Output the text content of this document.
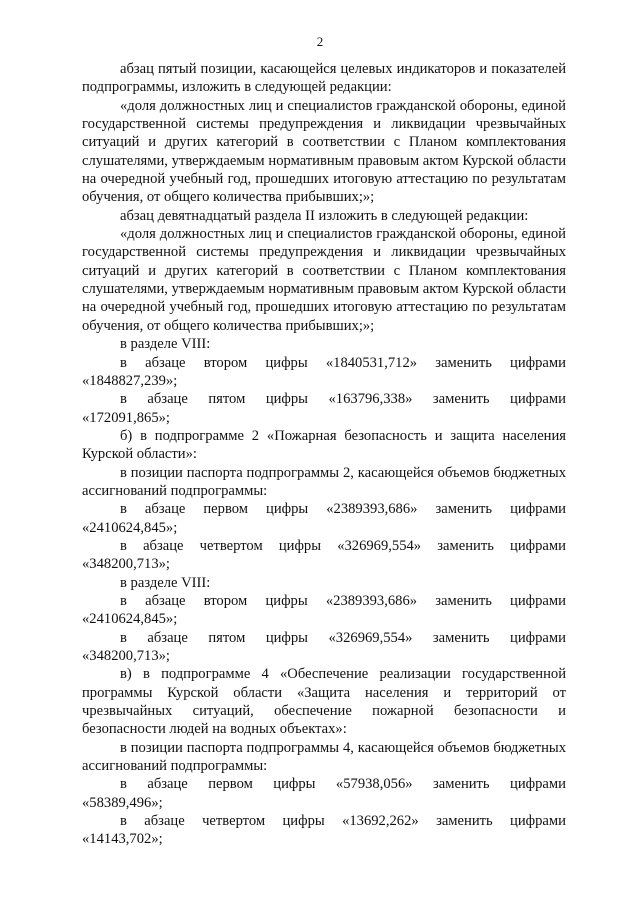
2

абзац пятый позиции, касающейся целевых индикаторов и показателей подпрограммы, изложить в следующей редакции:

«доля должностных лиц и специалистов гражданской обороны, единой государственной системы предупреждения и ликвидации чрезвычайных ситуаций и других категорий в соответствии с Планом комплектования слушателями, утверждаемым нормативным правовым актом Курской области на очередной учебный год, прошедших итоговую аттестацию по результатам обучения, от общего количества прибывших;»;

абзац девятнадцатый раздела II изложить в следующей редакции:

«доля должностных лиц и специалистов гражданской обороны, единой государственной системы предупреждения и ликвидации чрезвычайных ситуаций и других категорий в соответствии с Планом комплектования слушателями, утверждаемым нормативным правовым актом Курской области на очередной учебный год, прошедших итоговую аттестацию по результатам обучения, от общего количества прибывших;»;

в разделе VIII:

в абзаце втором цифры «1840531,712» заменить цифрами

«1848827,239»;

в абзаце пятом цифры «163796,338» заменить цифрами

«172091,865»;

б) в подпрограмме 2 «Пожарная безопасность и защита населения Курской области»:

в позиции паспорта подпрограммы 2, касающейся объемов бюджетных ассигнований подпрограммы:

в абзаце первом цифры «2389393,686» заменить цифрами

«2410624,845»;

в абзаце четвертом цифры «326969,554» заменить цифрами

«348200,713»;

в разделе VIII:

в абзаце втором цифры «2389393,686» заменить цифрами

«2410624,845»;

в абзаце пятом цифры «326969,554» заменить цифрами

«348200,713»;

в) в подпрограмме 4 «Обеспечение реализации государственной программы Курской области «Защита населения и территорий от чрезвычайных ситуаций, обеспечение пожарной безопасности и безопасности людей на водных объектах»:

в позиции паспорта подпрограммы 4, касающейся объемов бюджетных ассигнований подпрограммы:

в абзаце первом цифры «57938,056» заменить цифрами

«58389,496»;

в абзаце четвертом цифры «13692,262» заменить цифрами

«14143,702»;
